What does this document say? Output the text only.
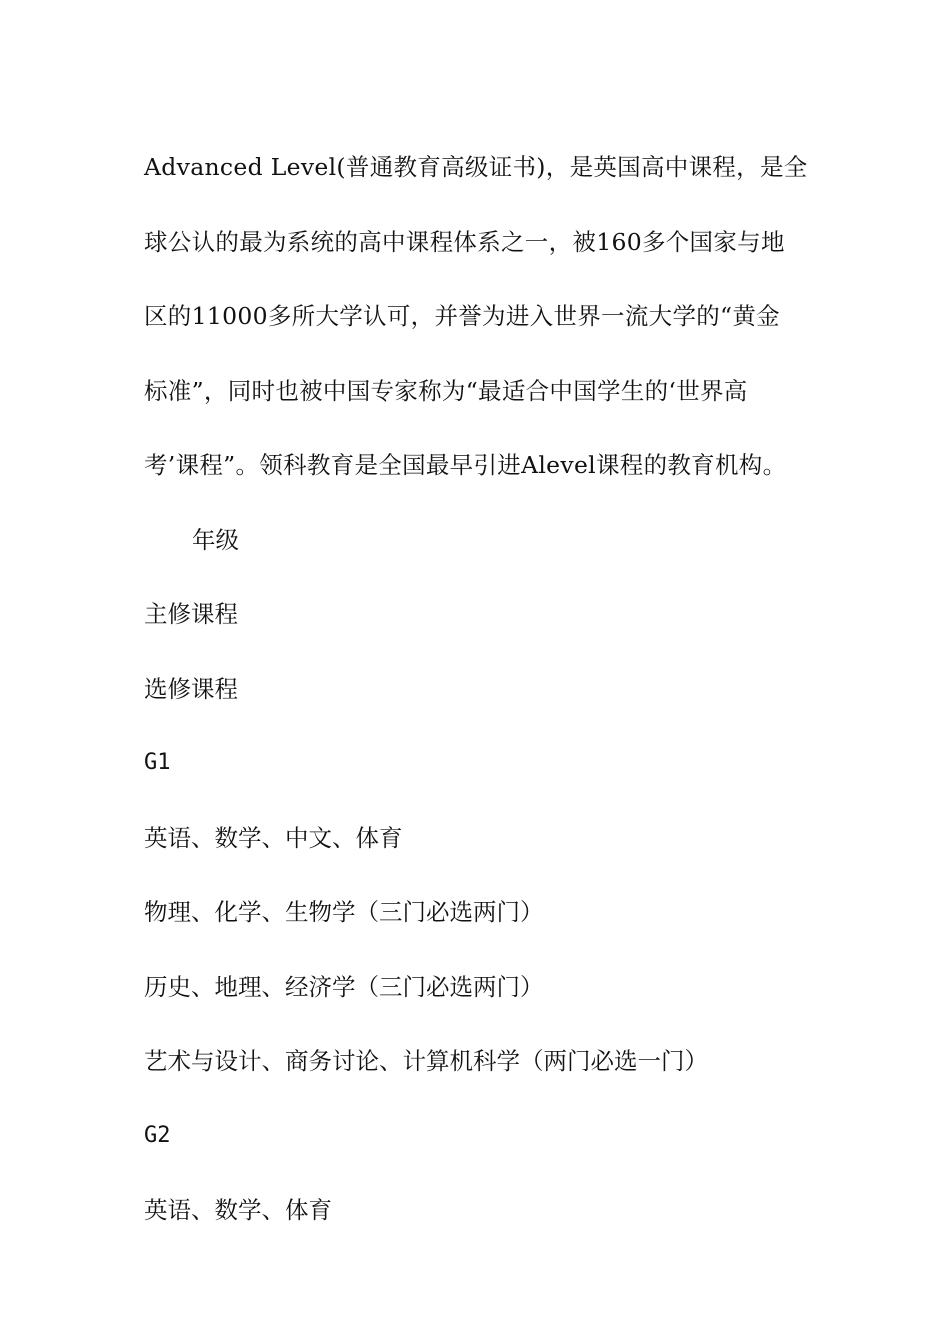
Advanced Level(普通教育高级证书)，是英国高中课程，是全
球公认的最为系统的高中课程体系之一，被160多个国家与地
区的11000多所大学认可，并誉为进入世界一流大学的“黄金
标准”，同时也被中国专家称为“最适合中国学生的‘世界高
考’课程”。领科教育是全国最早引进Alevel课程的教育机构。
年级
主修课程
选修课程
G1
英语、数学、中文、体育
物理、化学、生物学（三门必选两门）
历史、地理、经济学（三门必选两门）
艺术与设计、商务讨论、计算机科学（两门必选一门）
G2
英语、数学、体育
